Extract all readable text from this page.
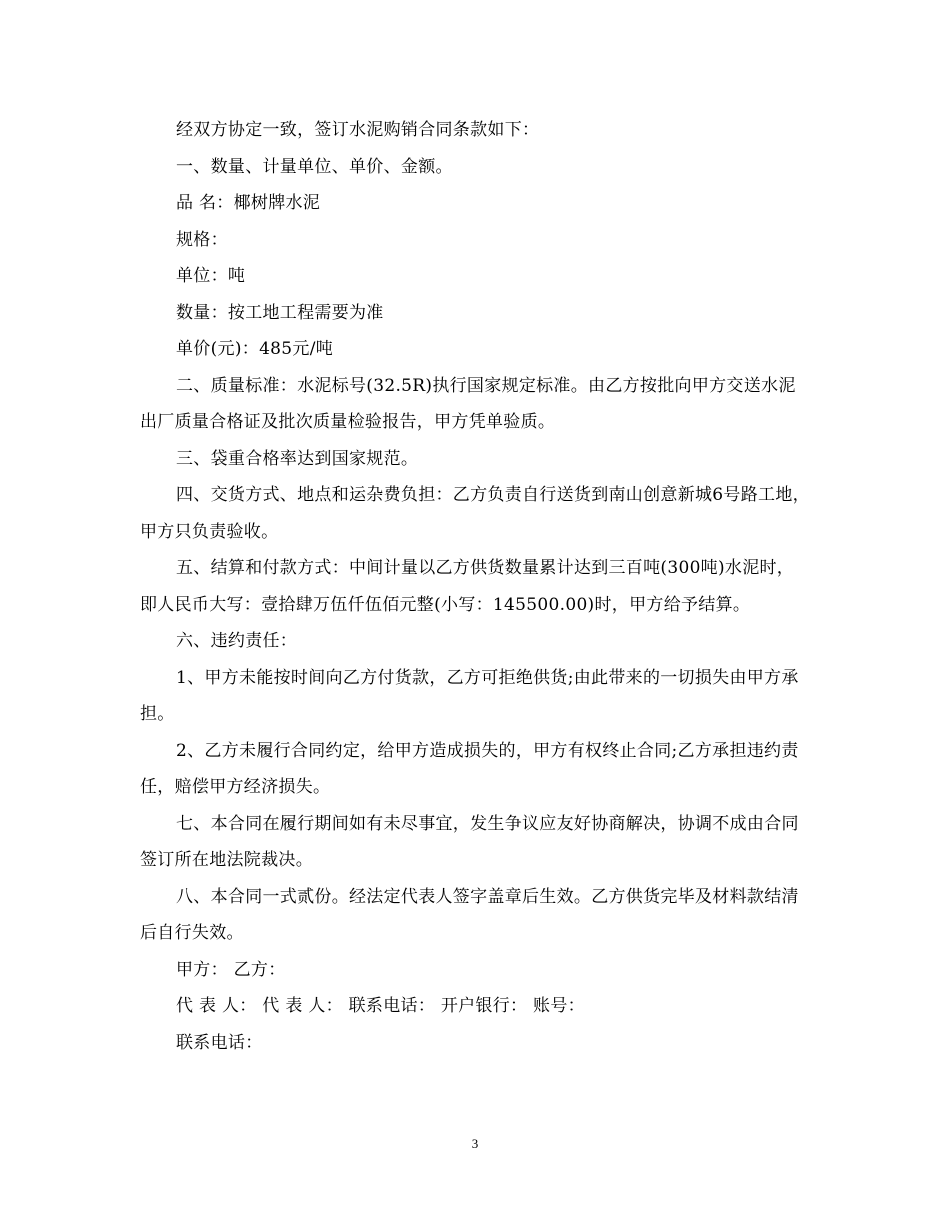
经双方协定一致，签订水泥购销合同条款如下：

一、数量、计量单位、单价、金额。

品 名：椰树牌水泥

规格：

单位：吨

数量：按工地工程需要为准

单价(元)：485元/吨

二、质量标准：水泥标号(32.5R)执行国家规定标准。由乙方按批向甲方交送水泥出厂质量合格证及批次质量检验报告，甲方凭单验质。

三、袋重合格率达到国家规范。

四、交货方式、地点和运杂费负担：乙方负责自行送货到南山创意新城6号路工地，甲方只负责验收。

五、结算和付款方式：中间计量以乙方供货数量累计达到三百吨(300吨)水泥时，即人民币大写：壹拾肆万伍仟伍佰元整(小写：145500.00)时，甲方给予结算。

六、违约责任：

1、甲方未能按时间向乙方付货款，乙方可拒绝供货;由此带来的一切损失由甲方承担。

2、乙方未履行合同约定，给甲方造成损失的，甲方有权终止合同;乙方承担违约责任，赔偿甲方经济损失。

七、本合同在履行期间如有未尽事宜，发生争议应友好协商解决，协调不成由合同签订所在地法院裁决。

八、本合同一式贰份。经法定代表人签字盖章后生效。乙方供货完毕及材料款结清后自行失效。

甲方： 乙方：

代 表 人： 代 表 人： 联系电话： 开户银行： 账号：

联系电话：

3
